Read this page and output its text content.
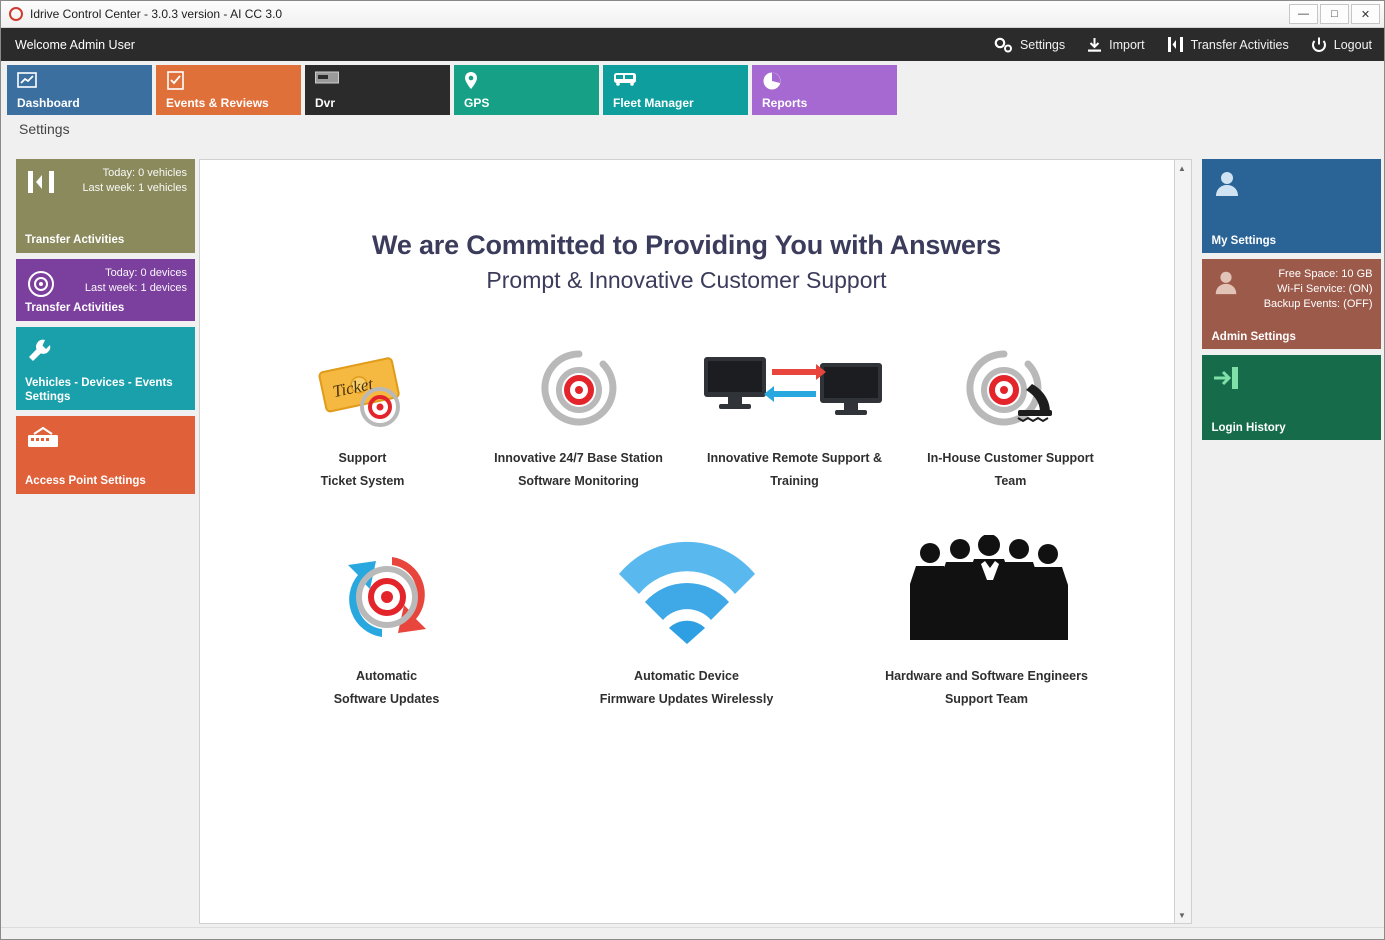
Idrive Control Center - 3.0.3 version - AI CC 3.0	—	□	✕
Welcome Admin User	Settings	Import	Transfer Activities	Logout
Dashboard	Events & Reviews	Dvr	GPS	Fleet Manager	Reports
Settings
Today: 0 vehicles
Last week: 1 vehicles
Transfer Activities
Today: 0 devices
Last week: 1 devices
Transfer Activities
Vehicles - Devices - Events Settings
Access Point Settings
We are Committed to Providing You with Answers
Prompt & Innovative Customer Support
Ticket
Support
Ticket System
Innovative 24/7 Base Station
Software Monitoring
Innovative Remote Support &
Training
In-House Customer Support
Team
Automatic
Software Updates
Automatic Device
Firmware Updates Wirelessly
Hardware and Software Engineers
Support Team
▲
▼
My Settings
Free Space: 10 GB
Wi-Fi Service: (ON)
Backup Events: (OFF)
Admin Settings
Login History
